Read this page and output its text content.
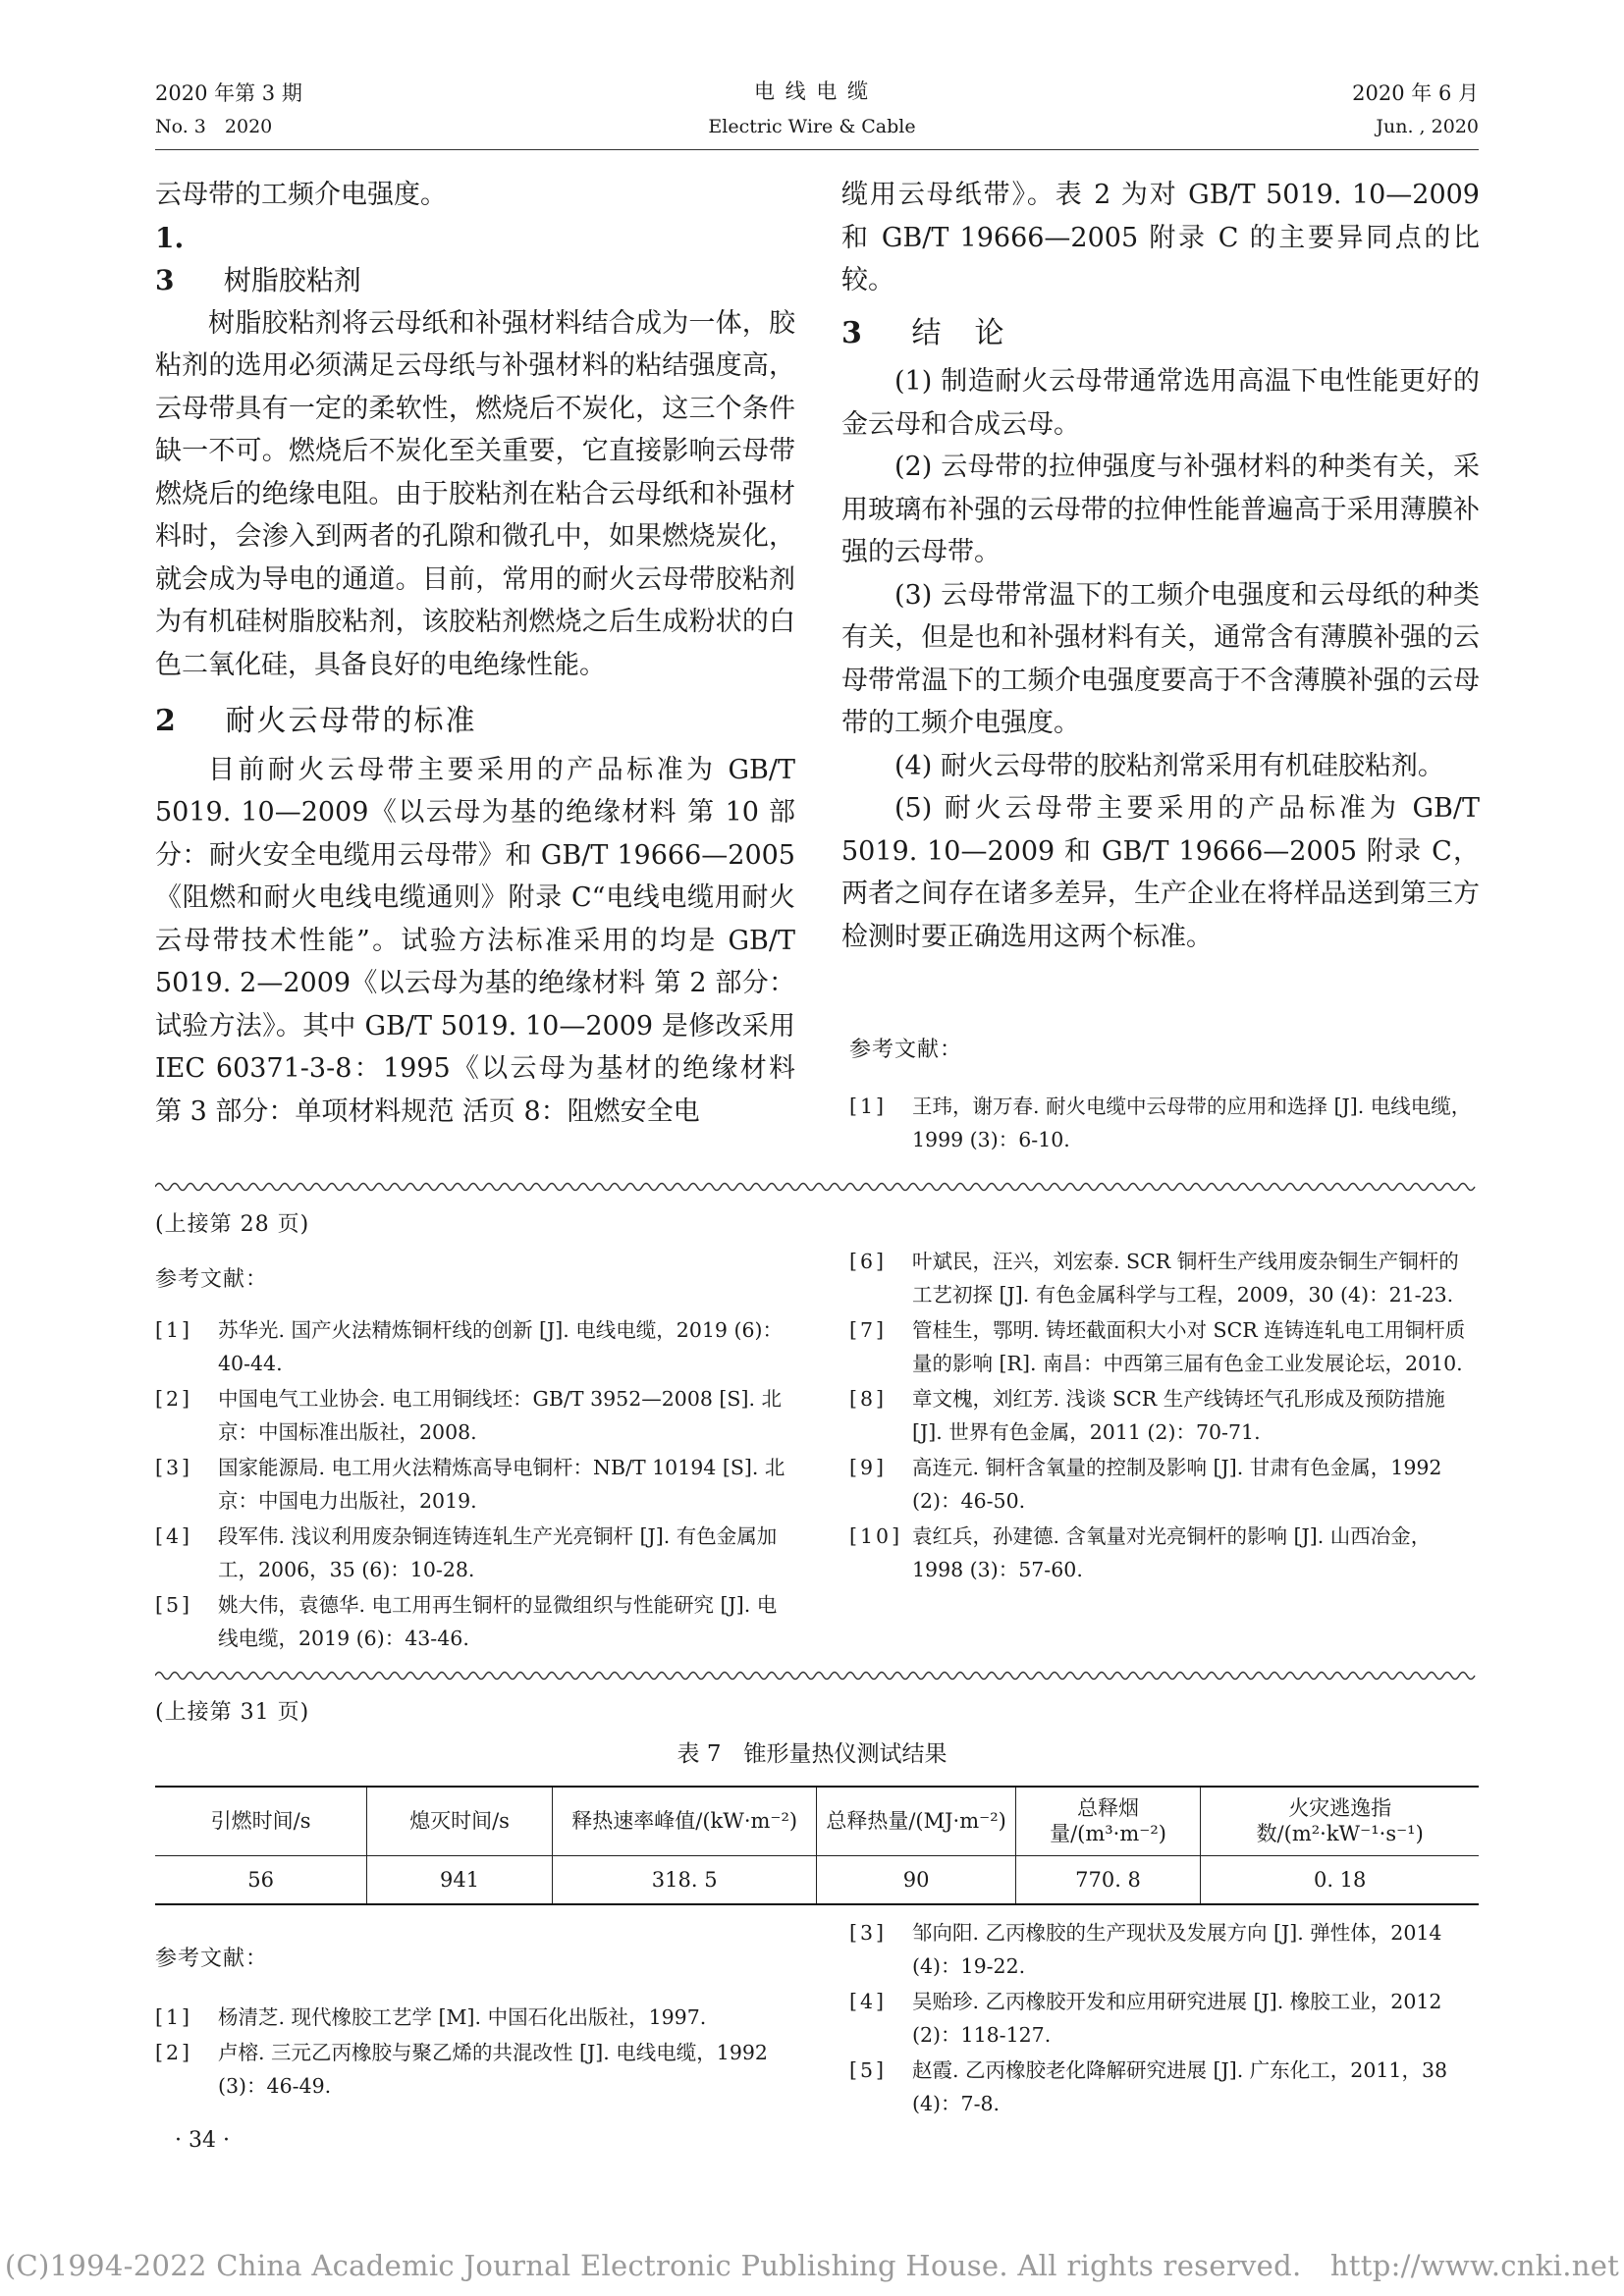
2020 年第 3 期
No. 3　2020
电 线 电 缆
Electric Wire & Cable
2020 年 6 月
Jun. , 2020

云母带的工频介电强度。

1. 3 树脂胶粘剂

树脂胶粘剂将云母纸和补强材料结合成为一体，胶粘剂的选用必须满足云母纸与补强材料的粘结强度高，云母带具有一定的柔软性，燃烧后不炭化，这三个条件缺一不可。燃烧后不炭化至关重要，它直接影响云母带燃烧后的绝缘电阻。由于胶粘剂在粘合云母纸和补强材料时，会渗入到两者的孔隙和微孔中，如果燃烧炭化，就会成为导电的通道。目前，常用的耐火云母带胶粘剂为有机硅树脂胶粘剂，该胶粘剂燃烧之后生成粉状的白色二氧化硅，具备良好的电绝缘性能。

2 耐火云母带的标准

目前耐火云母带主要采用的产品标准为 GB/T 5019. 10—2009《以云母为基的绝缘材料 第 10 部分：耐火安全电缆用云母带》和 GB/T 19666—2005《阻燃和耐火电线电缆通则》附录 C“电线电缆用耐火云母带技术性能”。试验方法标准采用的均是 GB/T 5019. 2—2009《以云母为基的绝缘材料 第 2 部分：试验方法》。其中 GB/T 5019. 10—2009 是修改采用 IEC 60371-3-8：1995《以云母为基材的绝缘材料 第 3 部分：单项材料规范 活页 8：阻燃安全电

缆用云母纸带》。表 2 为对 GB/T 5019. 10—2009 和 GB/T 19666—2005 附录 C 的主要异同点的比较。

3 结　论

(1) 制造耐火云母带通常选用高温下电性能更好的金云母和合成云母。

(2) 云母带的拉伸强度与补强材料的种类有关，采用玻璃布补强的云母带的拉伸性能普遍高于采用薄膜补强的云母带。

(3) 云母带常温下的工频介电强度和云母纸的种类有关，但是也和补强材料有关，通常含有薄膜补强的云母带常温下的工频介电强度要高于不含薄膜补强的云母带的工频介电强度。

(4) 耐火云母带的胶粘剂常采用有机硅胶粘剂。

(5) 耐火云母带主要采用的产品标准为 GB/T 5019. 10—2009 和 GB/T 19666—2005 附录 C，两者之间存在诸多差异，生产企业在将样品送到第三方检测时要正确选用这两个标准。

参考文献：
[1]	王玮，谢万春. 耐火电缆中云母带的应用和选择 [J]. 电线电缆，1999 (3)：6-10.
(上接第 28 页)
参考文献：
[1]	苏华光. 国产火法精炼铜杆线的创新 [J]. 电线电缆，2019 (6)：40-44.
[2]	中国电气工业协会. 电工用铜线坯：GB/T 3952—2008 [S]. 北京：中国标准出版社，2008.
[3]	国家能源局. 电工用火法精炼高导电铜杆：NB/T 10194 [S]. 北京：中国电力出版社，2019.
[4]	段军伟. 浅议利用废杂铜连铸连轧生产光亮铜杆 [J]. 有色金属加工，2006，35 (6)：10-28.
[5]	姚大伟，袁德华. 电工用再生铜杆的显微组织与性能研究 [J]. 电线电缆，2019 (6)：43-46.
[6]	叶斌民，汪兴，刘宏泰. SCR 铜杆生产线用废杂铜生产铜杆的工艺初探 [J]. 有色金属科学与工程，2009，30 (4)：21-23.
[7]	管桂生，鄂明. 铸坯截面积大小对 SCR 连铸连轧电工用铜杆质量的影响 [R]. 南昌：中西第三届有色金工业发展论坛，2010.
[8]	章文槐，刘红芳. 浅谈 SCR 生产线铸坯气孔形成及预防措施 [J]. 世界有色金属，2011 (2)：70-71.
[9]	高连元. 铜杆含氧量的控制及影响 [J]. 甘肃有色金属，1992 (2)：46-50.
[10] 袁红兵，孙建德. 含氧量对光亮铜杆的影响 [J]. 山西冶金，1998 (3)：57-60.
(上接第 31 页)
表 7　锥形量热仪测试结果
引燃时间/s	熄灭时间/s	释热速率峰值/(kW·m⁻²)	总释热量/(MJ·m⁻²)	总释烟量/(m³·m⁻²)	火灾逃逸指数/(m²·kW⁻¹·s⁻¹)
56	941	318. 5	90	770. 8	0. 18
参考文献：
[1]	杨清芝. 现代橡胶工艺学 [M]. 中国石化出版社，1997.
[2]	卢榕. 三元乙丙橡胶与聚乙烯的共混改性 [J]. 电线电缆，1992 (3)：46-49.
[3]	邹向阳. 乙丙橡胶的生产现状及发展方向 [J]. 弹性体，2014 (4)：19-22.
[4]	吴贻珍. 乙丙橡胶开发和应用研究进展 [J]. 橡胶工业，2012 (2)：118-127.
[5]	赵霞. 乙丙橡胶老化降解研究进展 [J]. 广东化工，2011，38 (4)：7-8.
· 34 ·
(C)1994-2022 China Academic Journal Electronic Publishing House. All rights reserved.　http://www.cnki.net
